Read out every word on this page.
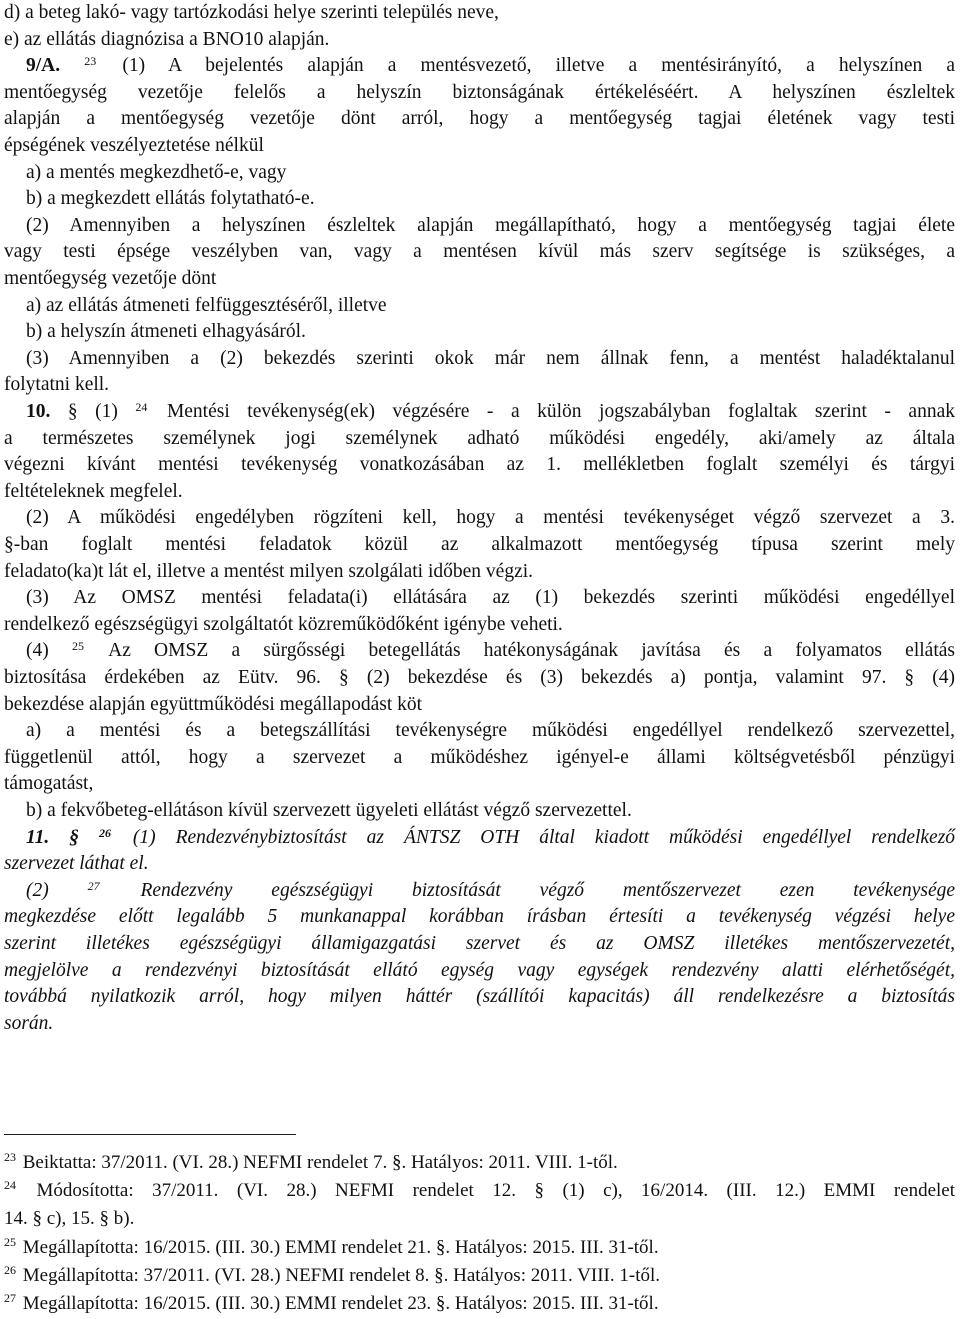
d) a beteg lakó- vagy tartózkodási helye szerinti település neve,
e) az ellátás diagnózisa a BNO10 alapján.
9/A. $^{23}$ (1) A bejelentés alapján a mentésvezető, illetve a mentésirányító, a helyszínen a
mentőegység vezetője felelős a helyszín biztonságának értékeléséért. A helyszínen észleltek
alapján a mentőegység vezetője dönt arról, hogy a mentőegység tagjai életének vagy testi
épségének veszélyeztetése nélkül
a) a mentés megkezdhető-e, vagy
b) a megkezdett ellátás folytatható-e.
(2) Amennyiben a helyszínen észleltek alapján megállapítható, hogy a mentőegység tagjai élete
vagy testi épsége veszélyben van, vagy a mentésen kívül más szerv segítsége is szükséges, a
mentőegység vezetője dönt
a) az ellátás átmeneti felfüggesztéséről, illetve
b) a helyszín átmeneti elhagyásáról.
(3) Amennyiben a (2) bekezdés szerinti okok már nem állnak fenn, a mentést haladéktalanul
folytatni kell.
10. § (1) $^{24}$ Mentési tevékenység(ek) végzésére - a külön jogszabályban foglaltak szerint - annak
a természetes személynek jogi személynek adható működési engedély, aki/amely az általa
végezni kívánt mentési tevékenység vonatkozásában az 1. mellékletben foglalt személyi és tárgyi
feltételeknek megfelel.
(2) A működési engedélyben rögzíteni kell, hogy a mentési tevékenységet végző szervezet a 3.
§-ban foglalt mentési feladatok közül az alkalmazott mentőegység típusa szerint mely
feladato(ka)t lát el, illetve a mentést milyen szolgálati időben végzi.
(3) Az OMSZ mentési feladata(i) ellátására az (1) bekezdés szerinti működési engedéllyel
rendelkező egészségügyi szolgáltatót közreműködőként igénybe veheti.
(4) $^{25}$ Az OMSZ a sürgősségi betegellátás hatékonyságának javítása és a folyamatos ellátás
biztosítása érdekében az Eütv. 96. § (2) bekezdése és (3) bekezdés a) pontja, valamint 97. § (4)
bekezdése alapján együttműködési megállapodást köt
a) a mentési és a betegszállítási tevékenységre működési engedéllyel rendelkező szervezettel,
függetlenül attól, hogy a szervezet a működéshez igényel-e állami költségvetésből pénzügyi
támogatást,
b) a fekvőbeteg-ellátáson kívül szervezett ügyeleti ellátást végző szervezettel.
11. § $^{26}$ (1) Rendezvénybiztosítást az ÁNTSZ OTH által kiadott működési engedéllyel rendelkező
szervezet láthat el.
(2)	$^{27}$ Rendezvény egészségügyi biztosítását végző mentőszervezet ezen tevékenysége
megkezdése előtt legalább 5 munkanappal korábban írásban értesíti a tevékenység végzési helye
szerint illetékes egészségügyi államigazgatási szervet és az OMSZ illetékes mentőszervezetét,
megjelölve a rendezvényi biztosítását ellátó egység vagy egységek rendezvény alatti elérhetőségét,
továbbá nyilatkozik arról, hogy milyen háttér (szállítói kapacitás) áll rendelkezésre a biztosítás
során.
$^{23}$ Beiktatta: 37/2011. (VI. 28.) NEFMI rendelet 7. §. Hatályos: 2011. VIII. 1-től.
$^{24}$ Módosította: 37/2011. (VI. 28.) NEFMI rendelet 12. § (1) c), 16/2014. (III. 12.) EMMI rendelet
14. § c), 15. § b).
$^{25}$ Megállapította: 16/2015. (III. 30.) EMMI rendelet 21. §. Hatályos: 2015. III. 31-től.
$^{26}$ Megállapította: 37/2011. (VI. 28.) NEFMI rendelet 8. §. Hatályos: 2011. VIII. 1-től.
$^{27}$ Megállapította: 16/2015. (III. 30.) EMMI rendelet 23. §. Hatályos: 2015. III. 31-től.
